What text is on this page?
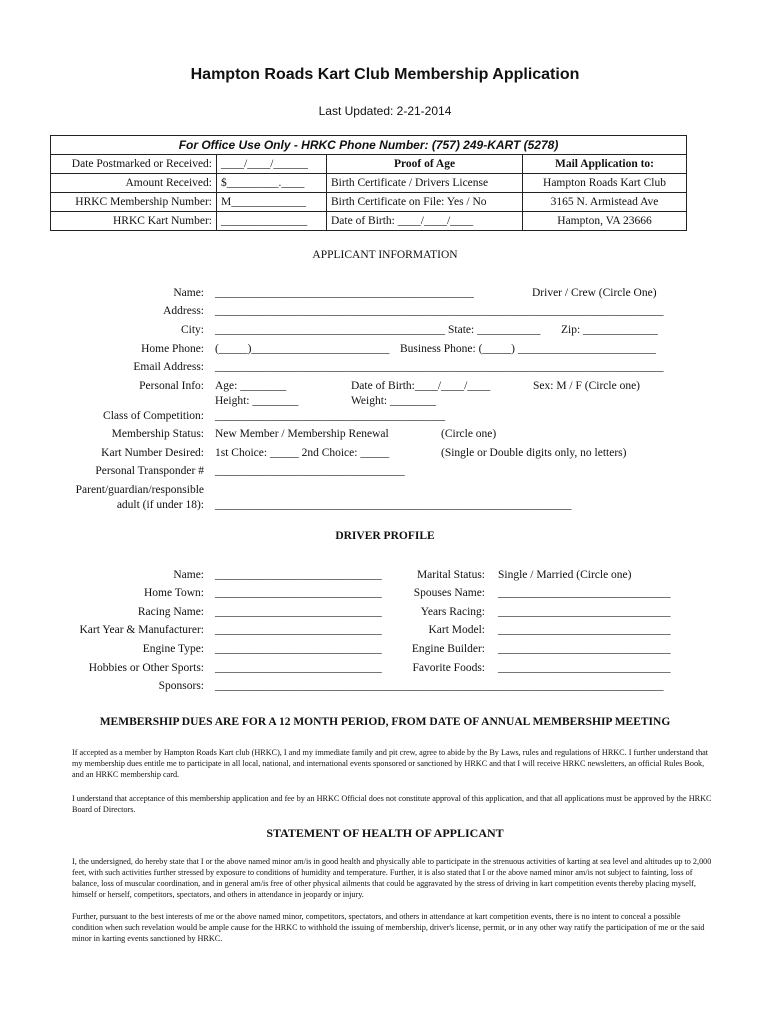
Hampton Roads Kart Club Membership Application
Last Updated: 2-21-2014
For Office Use Only - HRKC Phone Number: (757) 249-KART (5278)			
Date Postmarked or Received:	____/____/______	Proof of Age	Mail Application to:
Amount Received:	$_________.____	Birth Certificate / Drivers License	Hampton Roads Kart Club
HRKC Membership Number:	M_____________	Birth Certificate on File: Yes / No	3165 N. Armistead Ave
HRKC Kart Number:	_______________	Date of Birth: ____/____/____	Hampton, VA 23666
APPLICANT INFORMATION
Name: _____________________________________________	Driver / Crew (Circle One)
Address: ______________________________________________________________________________
City: ________________________________________ State: ___________ Zip: _____________
Home Phone: (_____)________________________ Business Phone: (_____) ________________________
Email Address: ______________________________________________________________________________
Personal Info: Age: ________	Date of Birth:____/____/____	Sex: M / F (Circle one)
Height: ________	Weight: ________
Class of Competition: ________________________________________
Membership Status: New Member / Membership Renewal	(Circle one)
Kart Number Desired: 1st Choice: _____ 2nd Choice: _____	(Single or Double digits only, no letters)
Personal Transponder # _________________________________
Parent/guardian/responsible
adult (if under 18): ______________________________________________________________
DRIVER PROFILE
Name: _____________________________	Marital Status: Single / Married (Circle one)
Home Town: _____________________________	Spouses Name: ______________________________
Racing Name: _____________________________	Years Racing: ______________________________
Kart Year & Manufacturer: _____________________________	Kart Model: ______________________________
Engine Type: _____________________________	Engine Builder: ______________________________
Hobbies or Other Sports: _____________________________	Favorite Foods: ______________________________
Sponsors: ______________________________________________________________________________
MEMBERSHIP DUES ARE FOR A 12 MONTH PERIOD, FROM DATE OF ANNUAL MEMBERSHIP MEETING
If accepted as a member by Hampton Roads Kart club (HRKC), I and my immediate family and pit crew, agree to abide by the By Laws, rules and regulations of HRKC. I further understand that my membership dues entitle me to participate in all local, national, and international events sponsored or sanctioned by HRKC and that I will receive HRKC newsletters, an official Rules Book, and an HRKC membership card.
I understand that acceptance of this membership application and fee by an HRKC Official does not constitute approval of this application, and that all applications must be approved by the HRKC Board of Directors.
STATEMENT OF HEALTH OF APPLICANT
I, the undersigned, do hereby state that I or the above named minor am/is in good health and physically able to participate in the strenuous activities of karting at sea level and altitudes up to 2,000 feet, with such activities further stressed by exposure to conditions of humidity and temperature. Further, it is also stated that I or the above named minor am/is not subject to fainting, loss of balance, loss of muscular coordination, and in general am/is free of other physical ailments that could be aggravated by the stress of driving in kart competition events thereby placing myself, himself or herself, competitors, spectators, and others in attendance in jeopardy or injury.
Further, pursuant to the best interests of me or the above named minor, competitors, spectators, and others in attendance at kart competition events, there is no intent to conceal a possible condition when such revelation would be ample cause for the HRKC to withhold the issuing of membership, driver's license, permit, or in any other way ratify the participation of me or the said minor in karting events sanctioned by HRKC.
